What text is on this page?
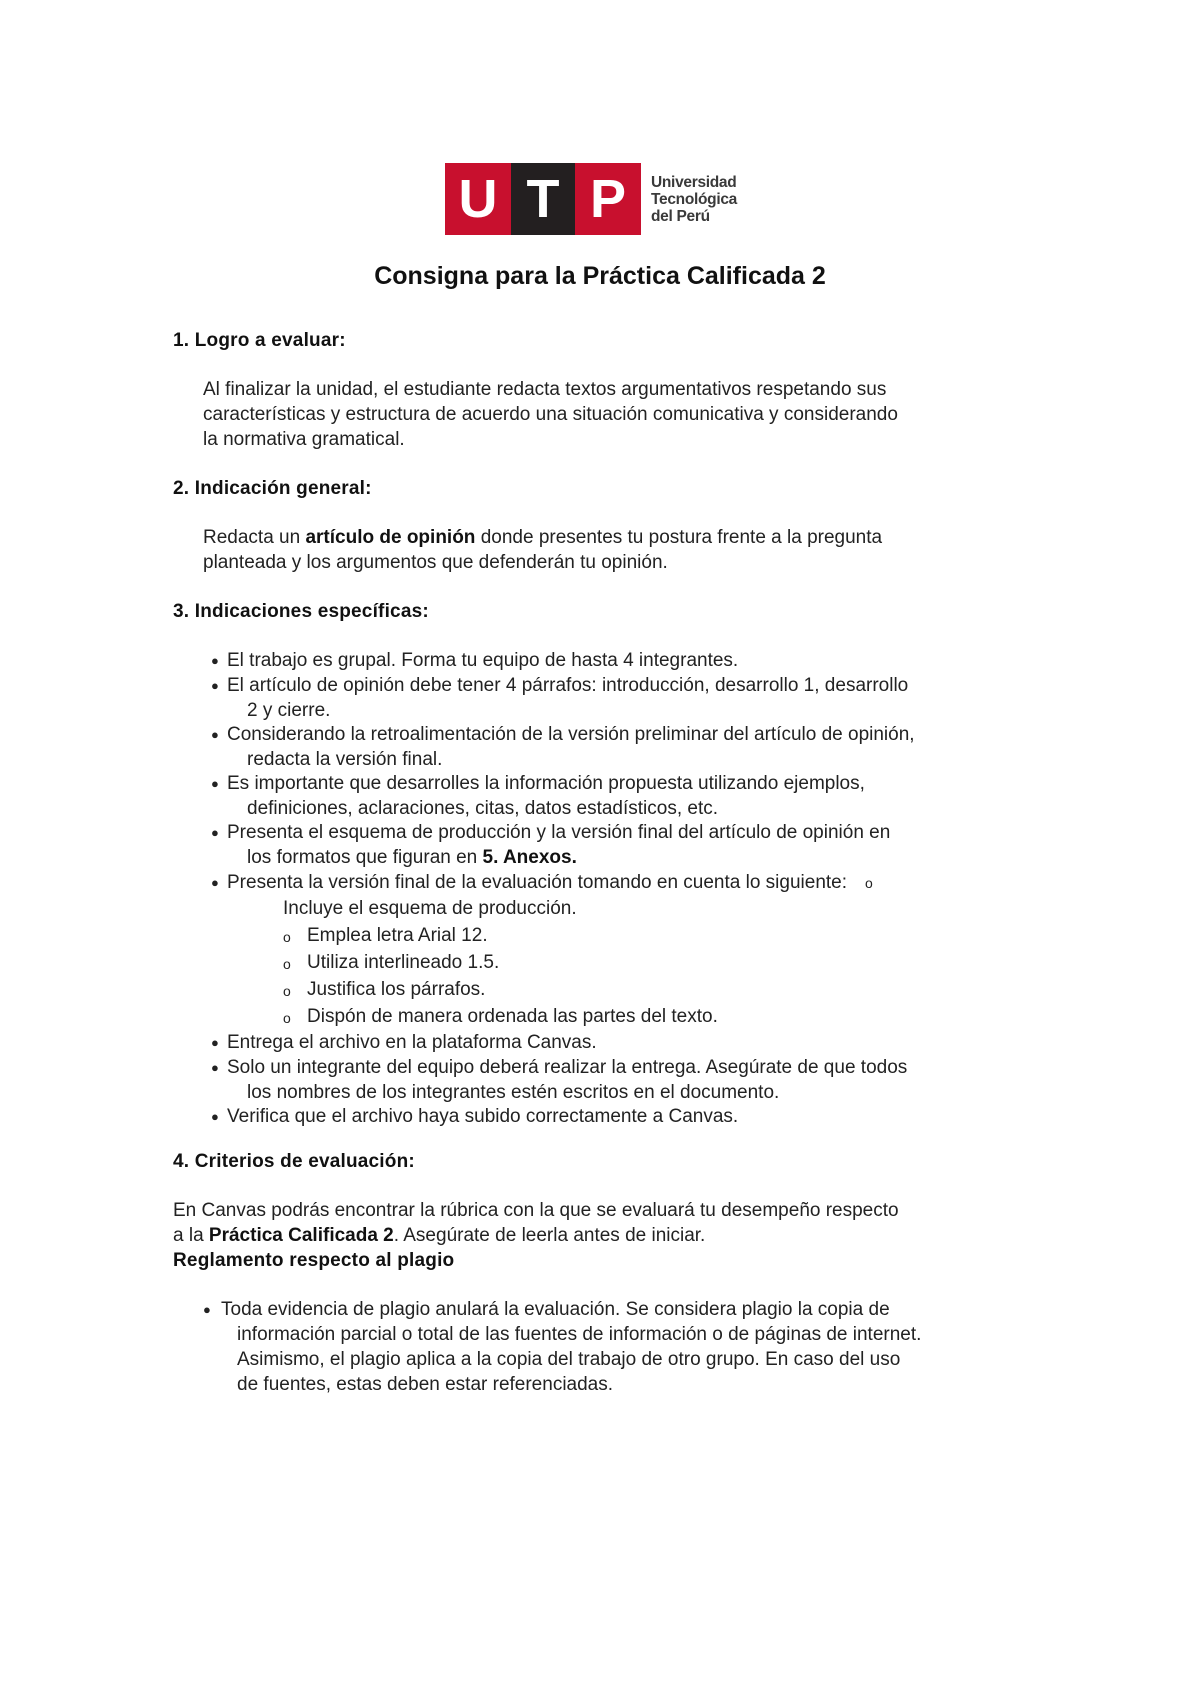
U T P	Universidad
Tecnológica
del Perú
Consigna para la Práctica Calificada 2
1. Logro a evaluar:
Al finalizar la unidad, el estudiante redacta textos argumentativos respetando sus
características y estructura de acuerdo una situación comunicativa y considerando
la normativa gramatical.
2. Indicación general:
Redacta un artículo de opinión donde presentes tu postura frente a la pregunta
planteada y los argumentos que defenderán tu opinión.
3. Indicaciones específicas:
● El trabajo es grupal. Forma tu equipo de hasta 4 integrantes.
● El artículo de opinión debe tener 4 párrafos: introducción, desarrollo 1, desarrollo
2 y cierre.
● Considerando la retroalimentación de la versión preliminar del artículo de opinión,
redacta la versión final.
● Es importante que desarrolles la información propuesta utilizando ejemplos,
definiciones, aclaraciones, citas, datos estadísticos, etc.
● Presenta el esquema de producción y la versión final del artículo de opinión en
los formatos que figuran en 5. Anexos.
● Presenta la versión final de la evaluación tomando en cuenta lo siguiente: o
Incluye el esquema de producción.
o Emplea letra Arial 12.
o Utiliza interlineado 1.5.
o Justifica los párrafos.
o Dispón de manera ordenada las partes del texto.
● Entrega el archivo en la plataforma Canvas.
● Solo un integrante del equipo deberá realizar la entrega. Asegúrate de que todos
los nombres de los integrantes estén escritos en el documento.
● Verifica que el archivo haya subido correctamente a Canvas.
4. Criterios de evaluación:
En Canvas podrás encontrar la rúbrica con la que se evaluará tu desempeño respecto
a la Práctica Calificada 2. Asegúrate de leerla antes de iniciar.
Reglamento respecto al plagio
● Toda evidencia de plagio anulará la evaluación. Se considera plagio la copia de
información parcial o total de las fuentes de información o de páginas de internet.
Asimismo, el plagio aplica a la copia del trabajo de otro grupo. En caso del uso
de fuentes, estas deben estar referenciadas.
